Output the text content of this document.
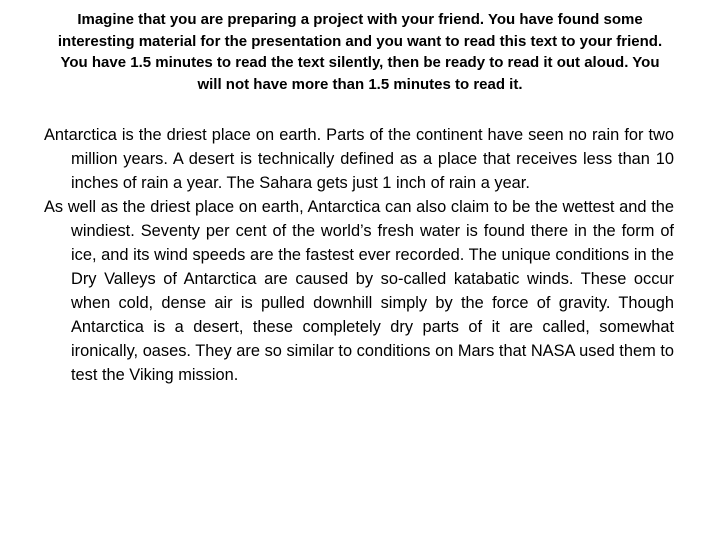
Imagine that you are preparing a project with your friend. You have found some interesting material for the presentation and you want to read this text to your friend. You have 1.5 minutes to read the text silently, then be ready to read it out aloud. You will not have more than 1.5 minutes to read it.

Antarctica is the driest place on earth. Parts of the continent have seen no rain for two million years. A desert is technically defined as a place that receives less than 10 inches of rain a year. The Sahara gets just 1 inch of rain a year.

As well as the driest place on earth, Antarctica can also claim to be the wettest and the windiest. Seventy per cent of the world’s fresh water is found there in the form of ice, and its wind speeds are the fastest ever recorded. The unique conditions in the Dry Valleys of Antarctica are caused by so-called katabatic winds. These occur when cold, dense air is pulled downhill simply by the force of gravity. Though Antarctica is a desert, these completely dry parts of it are called, somewhat ironically, oases. They are so similar to conditions on Mars that NASA used them to test the Viking mission.
